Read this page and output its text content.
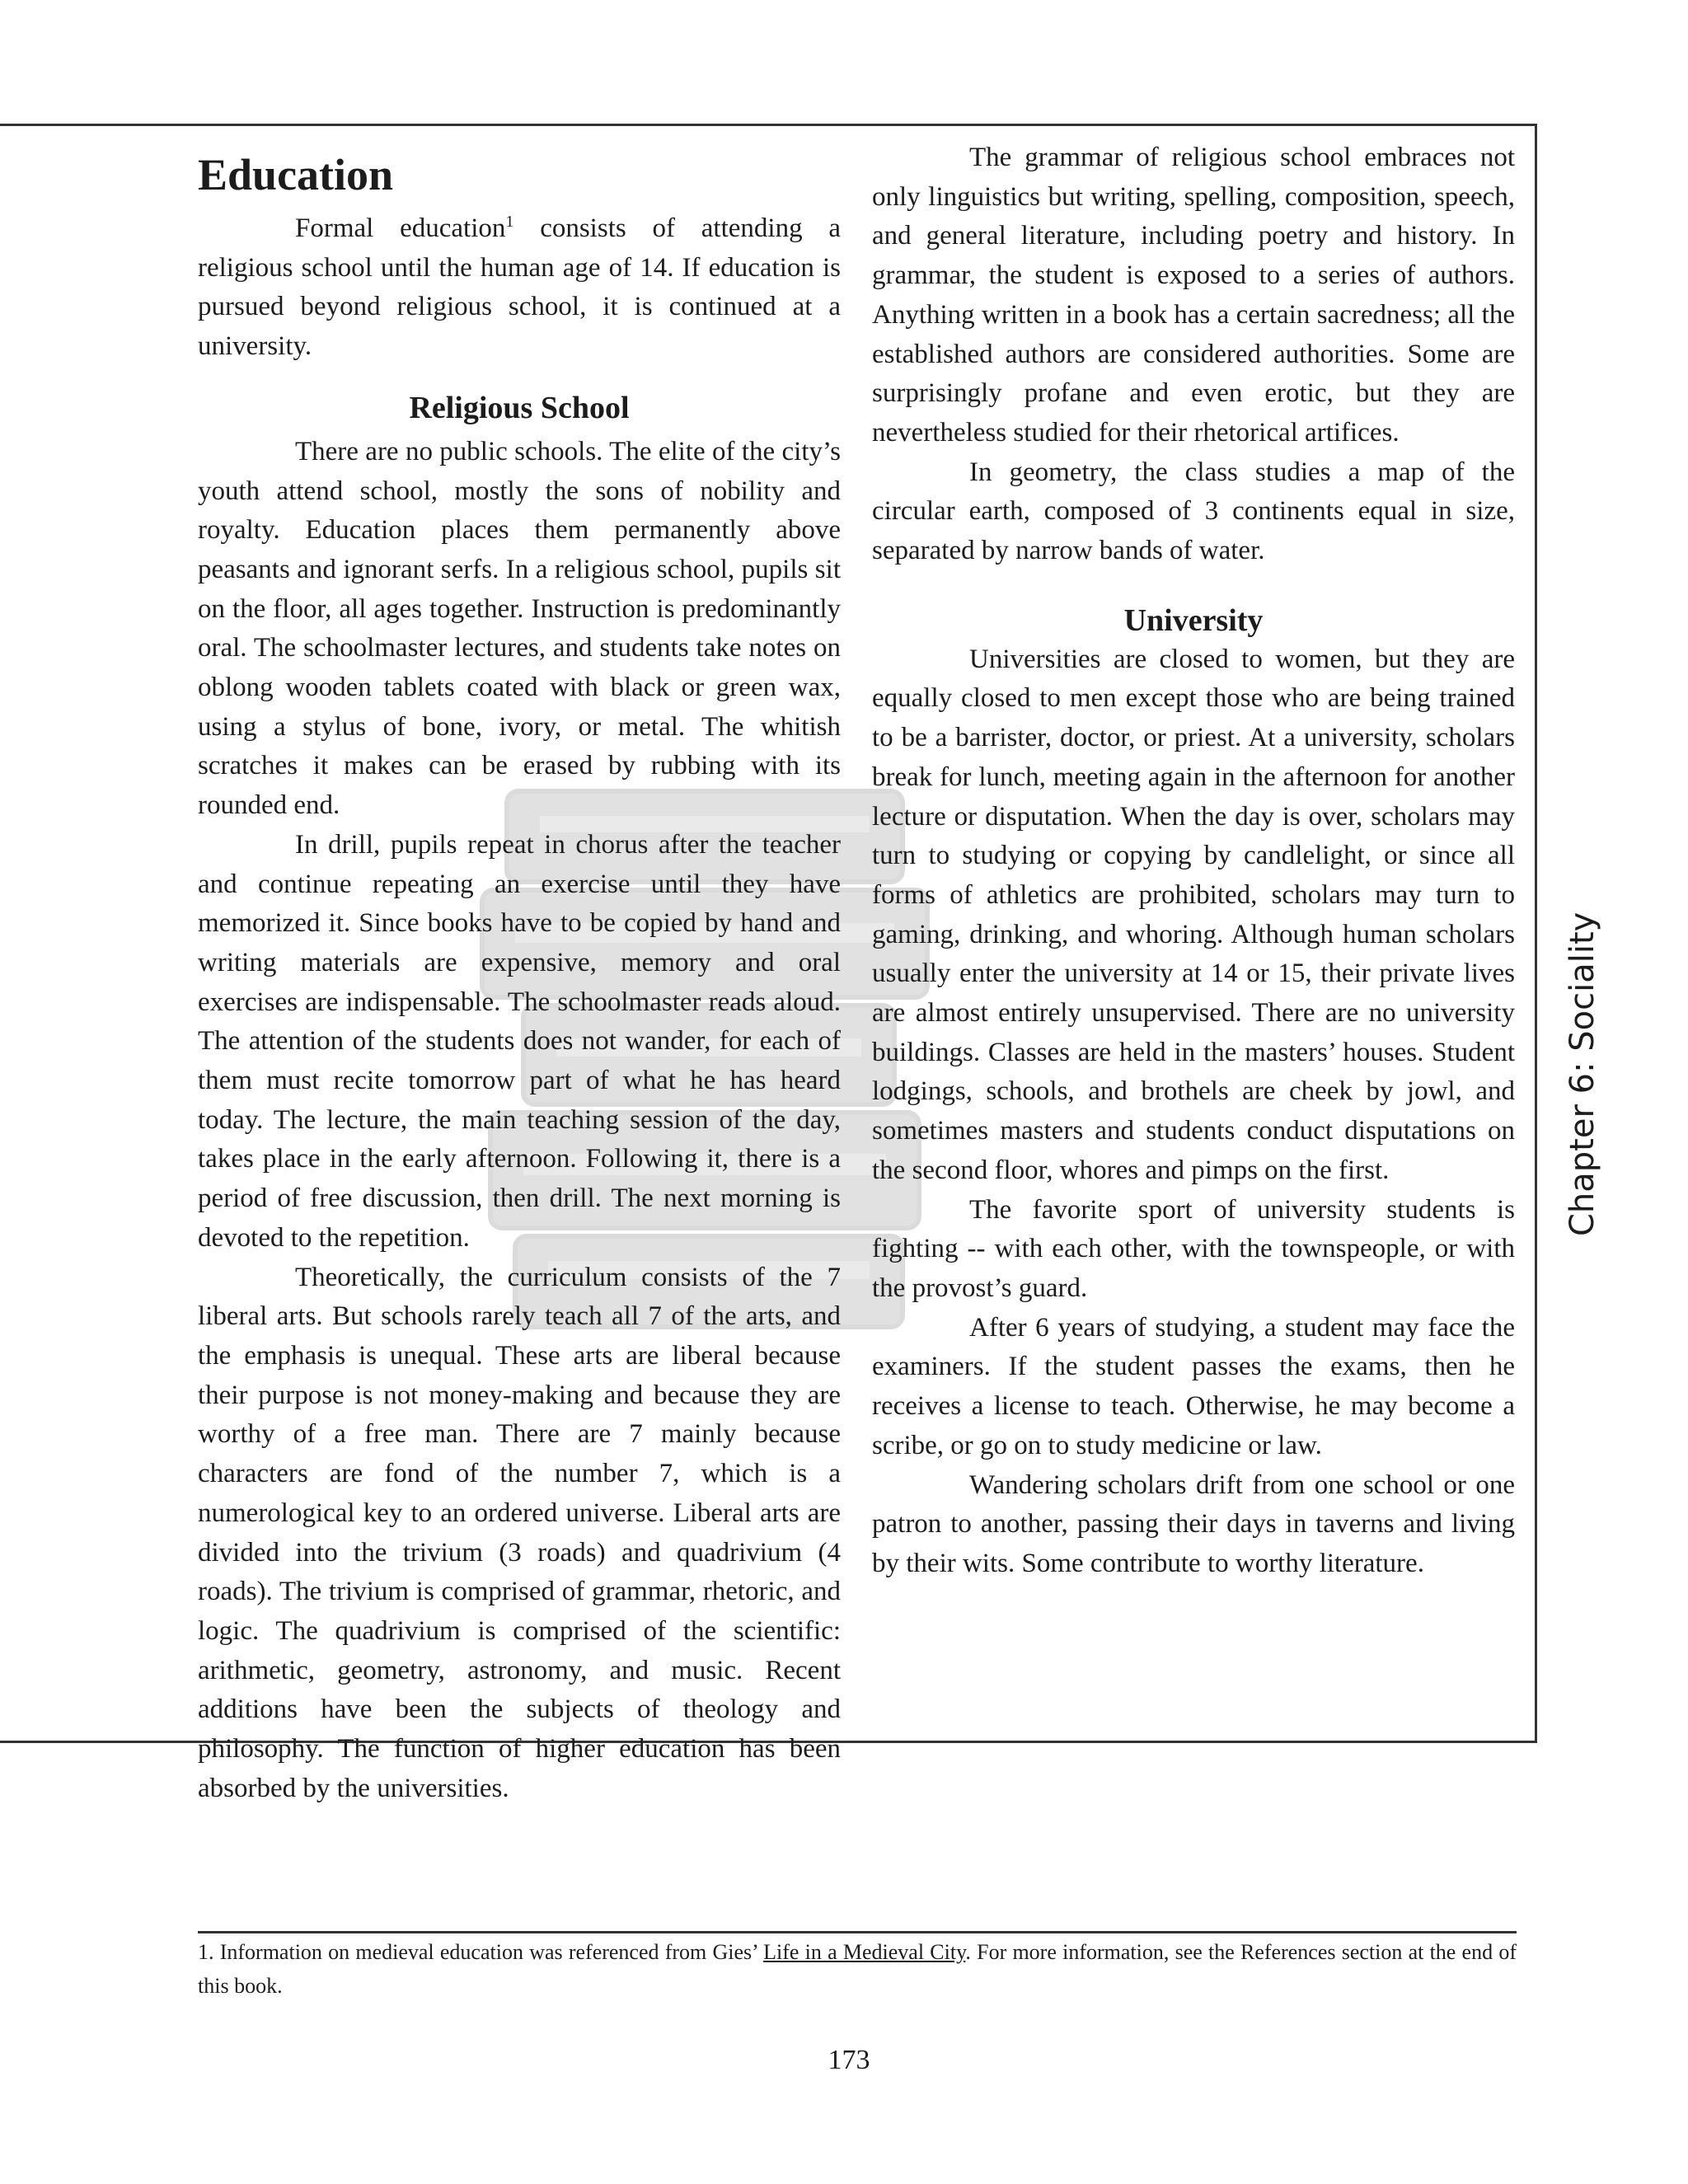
Education

Formal education$^1$ consists of attending a religious school until the human age of 14. If education is pursued beyond religious school, it is continued at a university.

Religious School

There are no public schools. The elite of the city’s youth attend school, mostly the sons of nobility and royalty. Education places them permanently above peasants and ignorant serfs. In a religious school, pupils sit on the floor, all ages together. Instruction is predominantly oral. The schoolmaster lectures, and students take notes on oblong wooden tablets coated with black or green wax, using a stylus of bone, ivory, or metal. The whitish scratches it makes can be erased by rubbing with its rounded end.

In drill, pupils repeat in chorus after the teacher and continue repeating an exercise until they have memorized it. Since books have to be copied by hand and writing materials are expensive, memory and oral exercises are indispensable. The schoolmaster reads aloud. The attention of the students does not wander, for each of them must recite tomorrow part of what he has heard today. The lecture, the main teaching session of the day, takes place in the early afternoon. Following it, there is a period of free discussion, then drill. The next morning is devoted to the repetition.

Theoretically, the curriculum consists of the 7 liberal arts. But schools rarely teach all 7 of the arts, and the emphasis is unequal. These arts are liberal because their purpose is not money-making and because they are worthy of a free man. There are 7 mainly because characters are fond of the number 7, which is a numerological key to an ordered universe. Liberal arts are divided into the trivium (3 roads) and quadrivium (4 roads). The trivium is comprised of grammar, rhetoric, and logic. The quadrivium is comprised of the scientific: arithmetic, geometry, astronomy, and music. Recent additions have been the subjects of theology and philosophy. The function of higher education has been absorbed by the universities.

The grammar of religious school embraces not only linguistics but writing, spelling, composition, speech, and general literature, including poetry and history. In grammar, the student is exposed to a series of authors. Anything written in a book has a certain sacredness; all the established authors are considered authorities. Some are surprisingly profane and even erotic, but they are nevertheless studied for their rhetorical artifices.

In geometry, the class studies a map of the circular earth, composed of 3 continents equal in size, separated by narrow bands of water.

University

Universities are closed to women, but they are equally closed to men except those who are being trained to be a barrister, doctor, or priest. At a university, scholars break for lunch, meeting again in the afternoon for another lecture or disputation. When the day is over, scholars may turn to studying or copying by candlelight, or since all forms of athletics are prohibited, scholars may turn to gaming, drinking, and whoring. Although human scholars usually enter the university at 14 or 15, their private lives are almost entirely unsupervised. There are no university buildings. Classes are held in the masters’ houses. Student lodgings, schools, and brothels are cheek by jowl, and sometimes masters and students conduct disputations on the second floor, whores and pimps on the first.

The favorite sport of university students is fighting -- with each other, with the townspeople, or with the provost’s guard.

After 6 years of studying, a student may face the examiners. If the student passes the exams, then he receives a license to teach. Otherwise, he may become a scribe, or go on to study medicine or law.

Wandering scholars drift from one school or one patron to another, passing their days in taverns and living by their wits. Some contribute to worthy literature.

1. Information on medieval education was referenced from Gies’ Life in a Medieval City. For more information, see the References section at the end of this book.
Chapter 6: Sociality
173
